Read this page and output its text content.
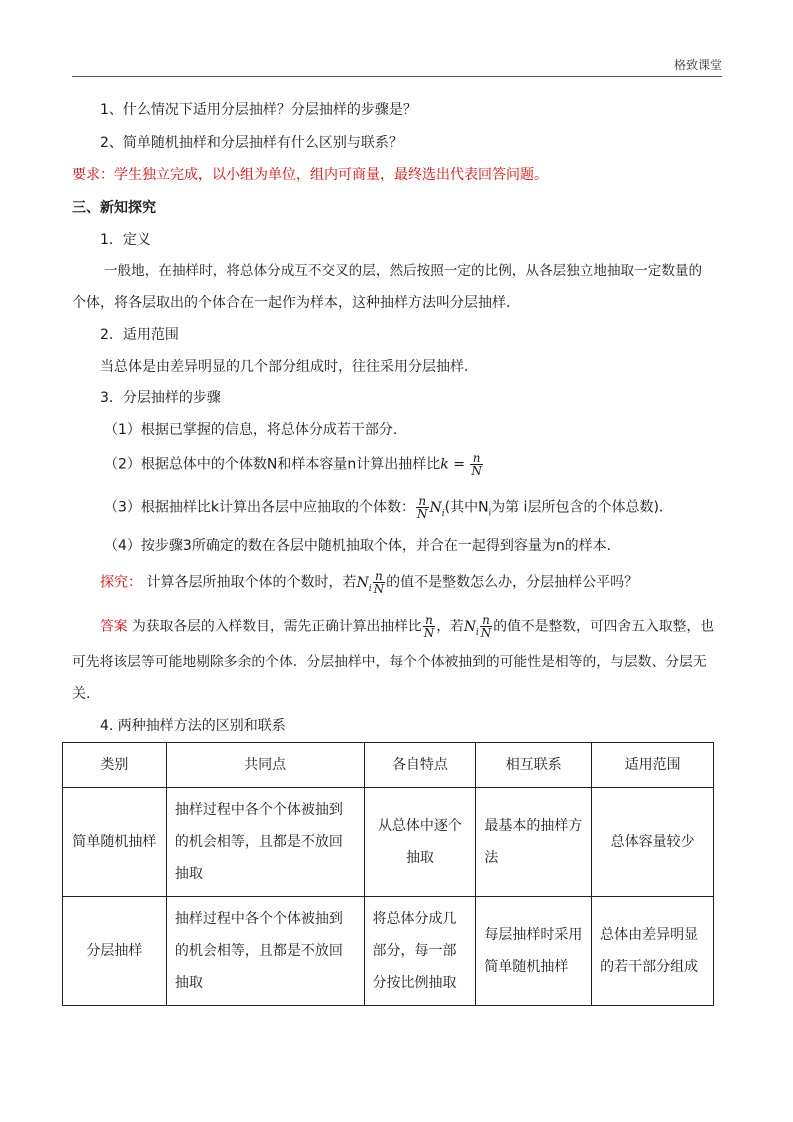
格致课堂
1、什么情况下适用分层抽样？分层抽样的步骤是？
2、简单随机抽样和分层抽样有什么区别与联系？
要求：学生独立完成，以小组为单位，组内可商量，最终选出代表回答问题。
三、新知探究
1．定义
一般地，在抽样时，将总体分成互不交叉的层，然后按照一定的比例，从各层独立地抽取一定数量的
个体，将各层取出的个体合在一起作为样本，这种抽样方法叫分层抽样．
2．适用范围
当总体是由差异明显的几个部分组成时，往往采用分层抽样．
3．分层抽样的步骤
（1）根据已掌握的信息，将总体分成若干部分.
（2）根据总体中的个体数N和样本容量n计算出抽样比$k = \frac{n}{N}$
（3）根据抽样比k计算出各层中应抽取的个体数： $\frac{n}{N} N_i$(其中$N_i$为第 i层所包含的个体总数)．
（4）按步骤3所确定的数在各层中随机抽取个体，并合在一起得到容量为n的样本．
探究： 计算各层所抽取个体的个数时，若$N_i \frac{n}{N}$ 的值不是整数怎么办，分层抽样公平吗？
答案 为获取各层的入样数目，需先正确计算出抽样比 $\frac{n}{N}$ ，若$N_i \frac{n}{N}$ 的值不是整数，可四舍五入取整，也
可先将该层等可能地剔除多余的个体．分层抽样中，每个个体被抽到的可能性是相等的，与层数、分层无
关.
4. 两种抽样方法的区别和联系
类别	共同点	各自特点	相互联系	适用范围
简单随机抽样	抽样过程中各个个体被抽到的机会相等，且都是不放回抽取	从总体中逐个抽取	最基本的抽样方法	总体容量较少
分层抽样	抽样过程中各个个体被抽到的机会相等，且都是不放回抽取	将总体分成几部分，每一部分按比例抽取	每层抽样时采用简单随机抽样	总体由差异明显的若干部分组成
